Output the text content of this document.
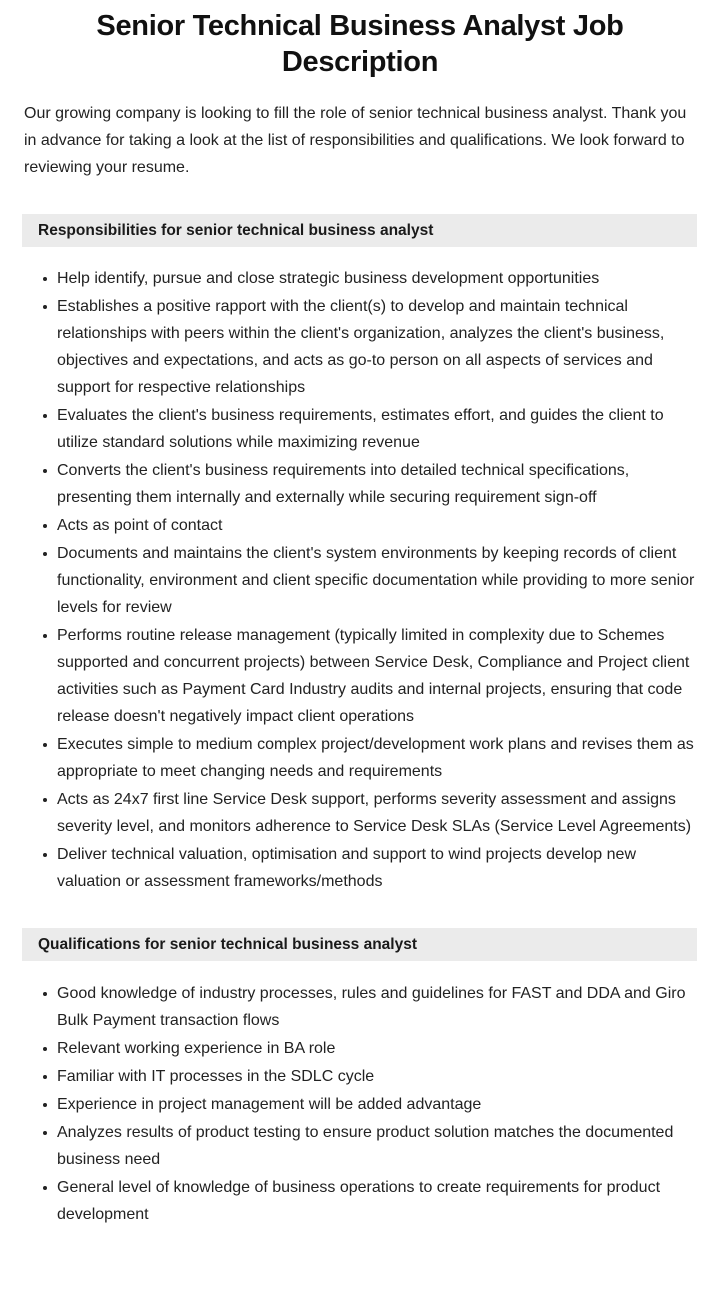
Senior Technical Business Analyst Job Description

Our growing company is looking to fill the role of senior technical business analyst. Thank you in advance for taking a look at the list of responsibilities and qualifications. We look forward to reviewing your resume.

Responsibilities for senior technical business analyst
Help identify, pursue and close strategic business development opportunities
Establishes a positive rapport with the client(s) to develop and maintain technical relationships with peers within the client's organization, analyzes the client's business, objectives and expectations, and acts as go-to person on all aspects of services and support for respective relationships
Evaluates the client's business requirements, estimates effort, and guides the client to utilize standard solutions while maximizing revenue
Converts the client's business requirements into detailed technical specifications, presenting them internally and externally while securing requirement sign-off
Acts as point of contact
Documents and maintains the client's system environments by keeping records of client functionality, environment and client specific documentation while providing to more senior levels for review
Performs routine release management (typically limited in complexity due to Schemes supported and concurrent projects) between Service Desk, Compliance and Project client activities such as Payment Card Industry audits and internal projects, ensuring that code release doesn't negatively impact client operations
Executes simple to medium complex project/development work plans and revises them as appropriate to meet changing needs and requirements
Acts as 24x7 first line Service Desk support, performs severity assessment and assigns severity level, and monitors adherence to Service Desk SLAs (Service Level Agreements)
Deliver technical valuation, optimisation and support to wind projects develop new valuation or assessment frameworks/methods
Qualifications for senior technical business analyst
Good knowledge of industry processes, rules and guidelines for FAST and DDA and Giro Bulk Payment transaction flows
Relevant working experience in BA role
Familiar with IT processes in the SDLC cycle
Experience in project management will be added advantage
Analyzes results of product testing to ensure product solution matches the documented business need
General level of knowledge of business operations to create requirements for product development
